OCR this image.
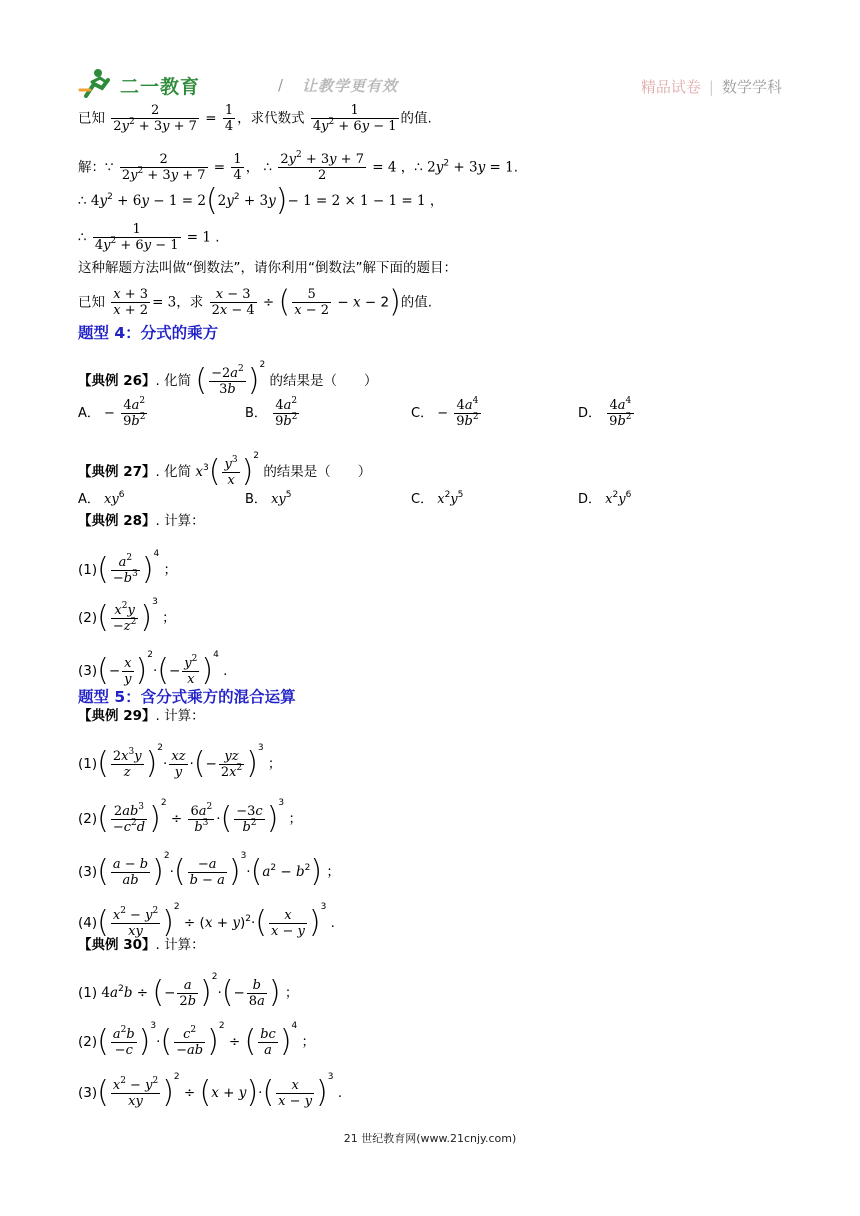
二一教育	/ 让教学更有效	精品试卷 | 数学学科
已知 $\frac{2}{2y^2 + 3y + 7} = \frac{1}{4}$ ，求代数式 $\frac{1}{4y^2 + 6y - 1}$ 的值.
解：∵ $\frac{2}{2y^2 + 3y + 7} = \frac{1}{4}$ ， ∴ $\frac{2y^2 + 3y + 7}{2} = 4$ ，∴ $2y^2 + 3y = 1$.
∴ $4y^2 + 6y - 1 = 2(2y^2 + 3y)- 1 = 2 \times 1 - 1 = 1$ ，
∴ $\frac{1}{4y^2 + 6y - 1} = 1$ .
这种解题方法叫做“倒数法”，请你利用“倒数法”解下面的题目：
已知 $\frac{x + 3}{x + 2} = 3$，求 $\frac{x - 3}{2x - 4}$ ÷ ( $\frac{5}{x - 2} - x - 2$)的值.
题型 4：分式的乘方
【典例 26】. 化简 ( $\frac{-2a^2}{3b} )^2$ 的结果是（　　）
A． − $\frac{4a^2}{9b^2}$	B． $\frac{4a^2}{9b^2}$	C． − $\frac{4a^4}{9b^2}$	D． $\frac{4a^4}{9b^2}$
【典例 27】. 化简 $x^3( \frac{y^3}{x} )^2$ 的结果是（　　）
A． $xy^6$	B． $xy^5$	C． $x^2y^5$	D． $x^2y^6$
【典例 28】. 计算：
$(1)( \frac{a^2}{-b^3} )^4$ ；
$(2)( \frac{x^2y}{-z^2} )^3$ ；
$(3)(- \frac{x}{y} )^2\cdot(- \frac{y^2}{x} )^4$ .
题型 5：含分式乘方的混合运算
【典例 29】. 计算：
$(1)( \frac{2x^3y}{z} )^2\cdot \frac{xz}{y}$ ·(− $\frac{yz}{2x^2} )^3$ ；
$(2)( \frac{2ab^3}{-c^2d} )^2 \div \frac{6a^2}{b^3}$ ·( $\frac{-3c}{b^2} )^3$ ；
$(3)( \frac{a - b}{ab} )^2\cdot( \frac{-a}{b - a} )^3\cdot(a^2 - b^2)$ ；
$(4)( \frac{x^2 - y^2}{xy} )^2 \div (x + y)^2\cdot( \frac{x}{x - y} )^3$ .
【典例 30】. 计算：
(1) $4a^2b$ ÷ (− $\frac{a}{2b} )^2\cdot(- \frac{b}{8a}$ ) ；
$(2)( \frac{a^2b}{-c} )^3\cdot( \frac{c^2}{-ab} )^2$ ÷ ( $\frac{bc}{a} )^4$ ；
$(3)( \frac{x^2 - y^2}{xy} )^2 \div (x + y)\cdot( \frac{x}{x - y} )^3$ .
21 世纪教育网(www.21cnjy.com)
